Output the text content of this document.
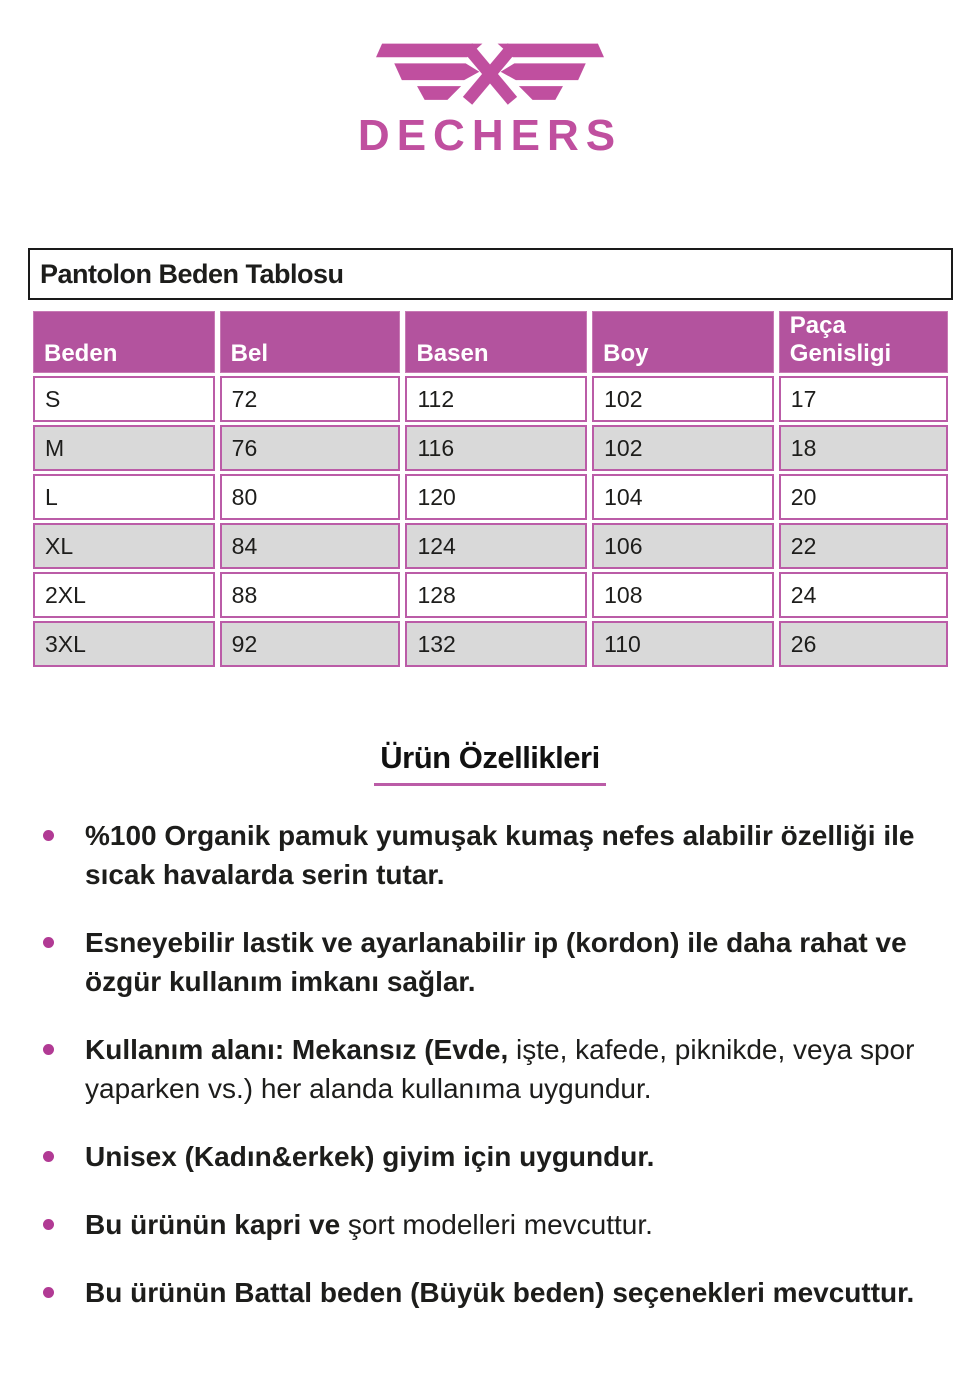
DECHERS
Pantolon Beden Tablosu
Beden	Bel	Basen	Boy	Paça Genisligi
S	72	112	102	17
M	76	116	102	18
L	80	120	104	20
XL	84	124	106	22
2XL	88	128	108	24
3XL	92	132	110	26
Ürün Özellikleri
%100 Organik pamuk yumuşak kumaş nefes alabilir özelliği ile sıcak havalarda serin tutar.
Esneyebilir lastik ve ayarlanabilir ip (kordon) ile daha rahat ve özgür kullanım imkanı sağlar.
Kullanım alanı: Mekansız (Evde, işte, kafede, piknikde, veya spor yaparken vs.) her alanda kullanıma uygundur.
Unisex (Kadın&erkek) giyim için uygundur.
Bu ürünün kapri ve şort modelleri mevcuttur.
Bu ürünün Battal beden (Büyük beden) seçenekleri mevcuttur.
